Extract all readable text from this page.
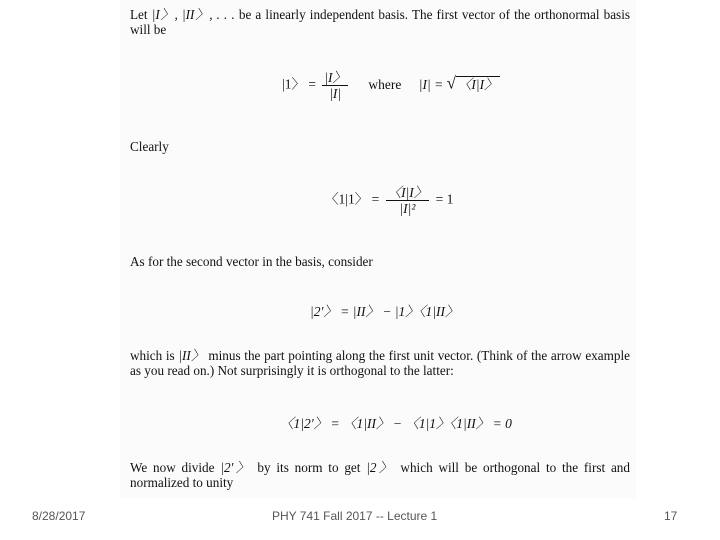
Let |I〉, |II〉, . . . be a linearly independent basis. The first vector of the orthonormal basis will be
|1〉 = $\frac{|I〉}{|I|}$ where |I| = √ 〈I|I〉
Clearly
〈1|1〉 = $\frac{〈I|I〉}{\text{|I|²}} = 1$
As for the second vector in the basis, consider
|2′〉 = |II〉 − |1〉〈1|II〉
which is |II〉 minus the part pointing along the first unit vector. (Think of the arrow example as you read on.) Not surprisingly it is orthogonal to the latter:
〈1|2′〉 = 〈1|II〉 − 〈1|1〉〈1|II〉 = 0
We now divide |2′〉 by its norm to get |2〉 which will be orthogonal to the first and normalized to unity
8/28/2017	PHY 741 Fall 2017 -- Lecture 1	17
